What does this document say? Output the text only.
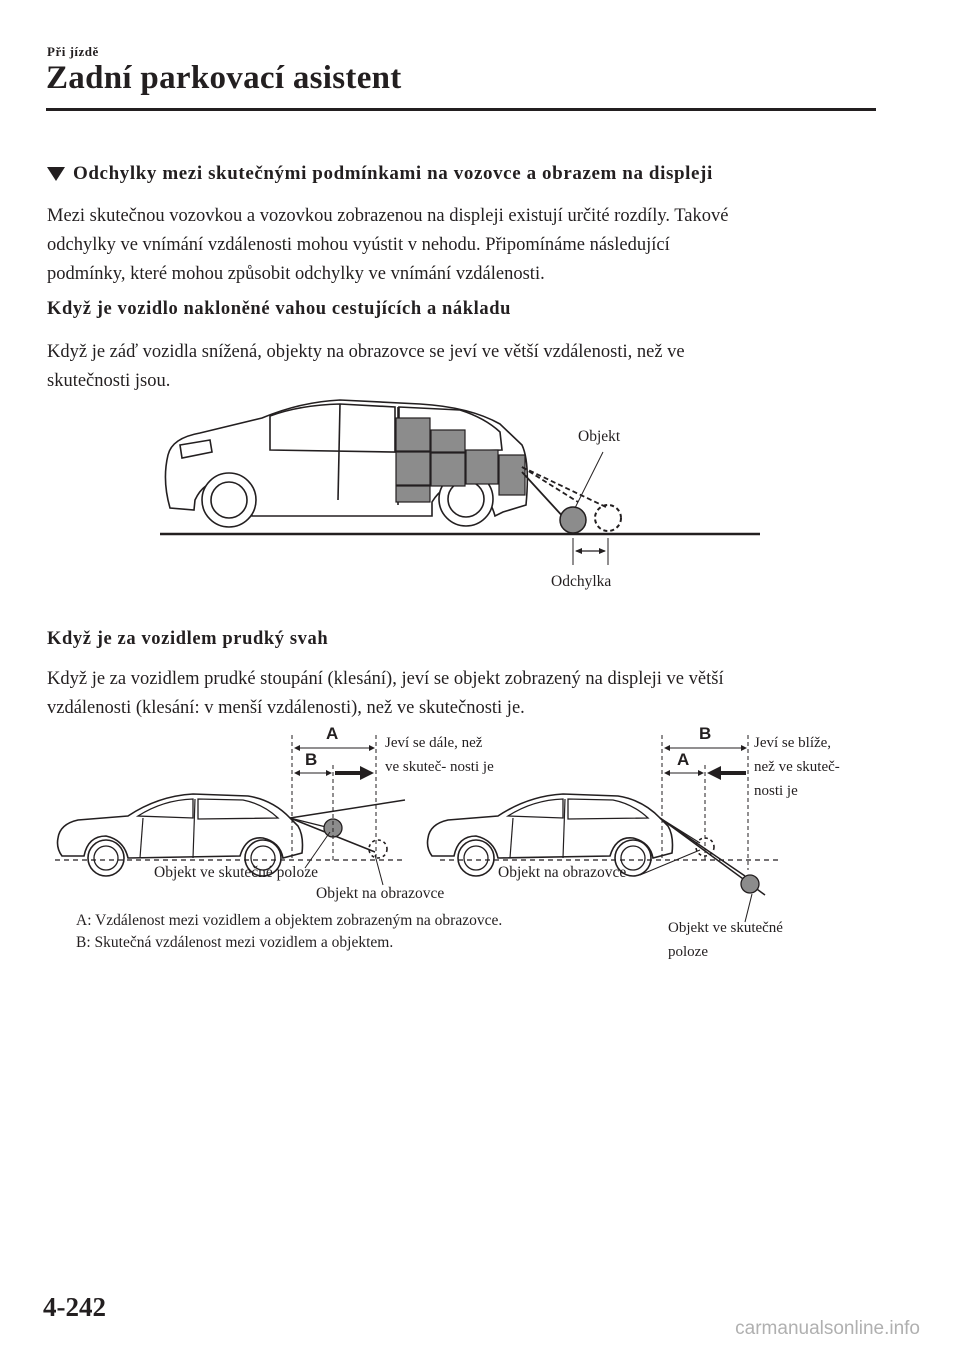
Při jízdě
Zadní parkovací asistent
Odchylky mezi skutečnými podmínkami na vozovce a obrazem na displeji

Mezi skutečnou vozovkou a vozovkou zobrazenou na displeji existují určité rozdíly. Takové

odchylky ve vnímání vzdálenosti mohou vyústit v nehodu. Připomínáme následující

podmínky, které mohou způsobit odchylky ve vnímání vzdálenosti.

Když je vozidlo nakloněné vahou cestujících a nákladu

Když je záď vozidla snížená, objekty na obrazovce se jeví ve větší vzdálenosti, než ve

skutečnosti jsou.

Objekt
Odchylka
Když je za vozidlem prudký svah

Když je za vozidlem prudké stoupání (klesání), jeví se objekt zobrazený na displeji ve větší

vzdálenosti (klesání: v menší vzdálenosti), než ve skutečnosti je.

A
B
Jeví se dále, než
ve skuteč- nosti je
Objekt ve skutečné poloze
Objekt na obrazovce
B
A
Jeví se blíže,
než ve skuteč-
nosti je
Objekt na obrazovce
Objekt ve skutečné
poloze
A: Vzdálenost mezi vozidlem a objektem zobrazeným na obrazovce.
B: Skutečná vzdálenost mezi vozidlem a objektem.
4-242
carmanualsonline.info
